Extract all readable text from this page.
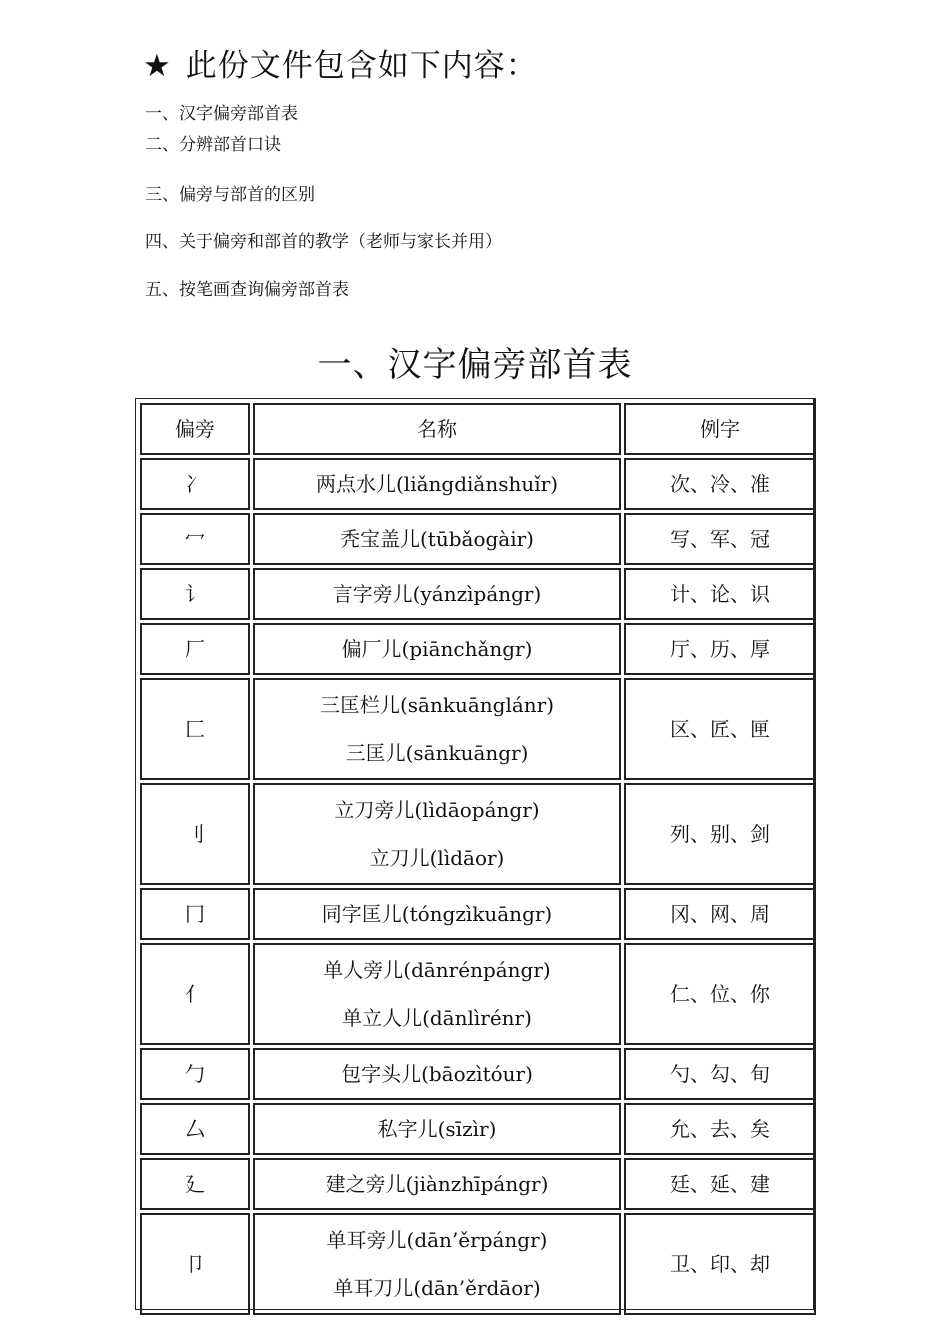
★ 此份文件包含如下内容：
一、汉字偏旁部首表
二、分辨部首口诀
三、偏旁与部首的区别
四、关于偏旁和部首的教学（老师与家长并用）
五、按笔画查询偏旁部首表
一、汉字偏旁部首表
偏旁	名称	例字
冫	两点水儿(liǎngdiǎnshuǐr)	次、冷、准
冖	秃宝盖儿(tūbǎogàir)	写、军、冠
讠	言字旁儿(yánzìpángr)	计、论、识
厂	偏厂儿(piānchǎngr)	厅、历、厚
匚	三匡栏儿(sānkuānglánr)
三匡儿(sānkuāngr)	区、匠、匣
刂	立刀旁儿(lìdāopángr)
立刀儿(lìdāor)	列、别、剑
冂	同字匡儿(tóngzìkuāngr)	冈、网、周
亻	单人旁儿(dānrénpángr)
单立人儿(dānlìrénr)	仁、位、你
勹	包字头儿(bāozìtóur)	勺、勾、旬
厶	私字儿(sīzìr)	允、去、矣
廴	建之旁儿(jiànzhīpángr)	廷、延、建
卩	单耳旁儿(dān’ěrpángr)
单耳刀儿(dān’ěrdāor)	卫、印、却
